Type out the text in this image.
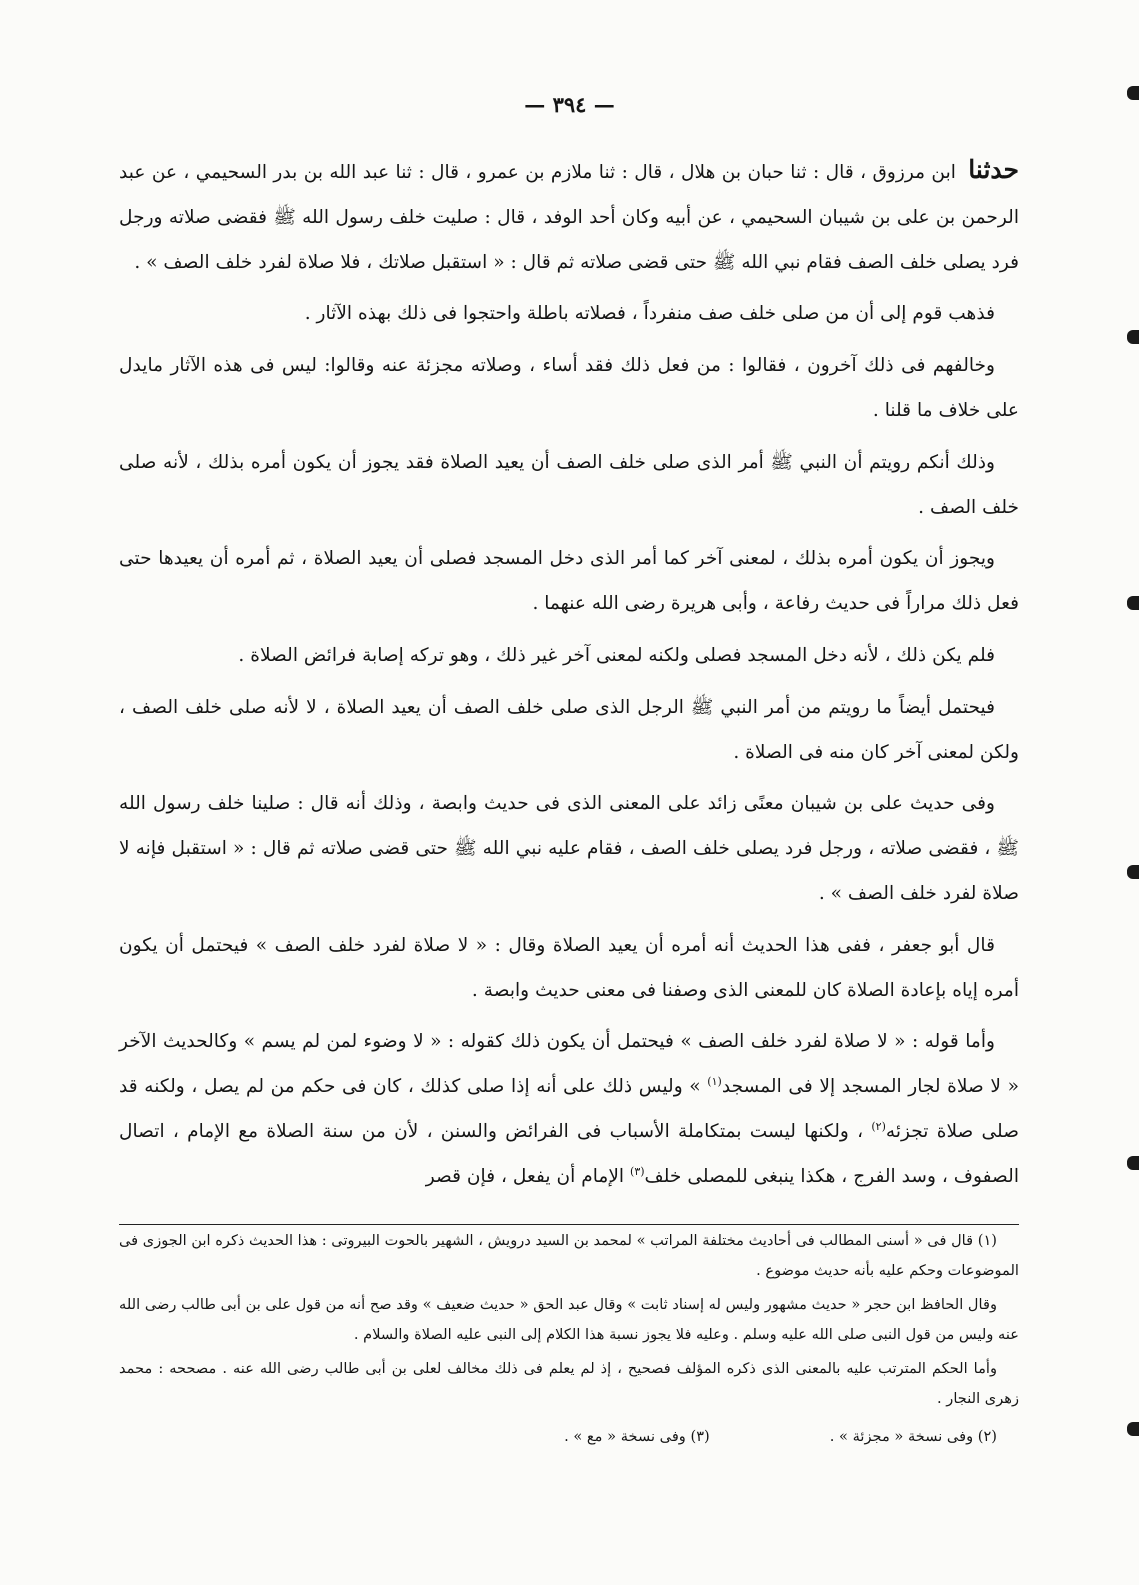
— ٣٩٤ —

حدثنا ابن مرزوق ، قال : ثنا حبان بن هلال ، قال : ثنا ملازم بن عمرو ، قال : ثنا عبد الله بن بدر السحيمي ، عن عبد الرحمن بن على بن شيبان السحيمي ، عن أبيه وكان أحد الوفد ، قال : صليت خلف رسول الله ﷺ فقضى صلاته ورجل فرد يصلى خلف الصف فقام نبي الله ﷺ حتى قضى صلاته ثم قال : « استقبل صلاتك ، فلا صلاة لفرد خلف الصف » .

فذهب قوم إلى أن من صلى خلف صف منفرداً ، فصلاته باطلة واحتجوا فى ذلك بهذه الآثار .

وخالفهم فى ذلك آخرون ، فقالوا : من فعل ذلك فقد أساء ، وصلاته مجزئة عنه وقالوا: ليس فى هذه الآثار مايدل على خلاف ما قلنا .

وذلك أنكم رويتم أن النبي ﷺ أمر الذى صلى خلف الصف أن يعيد الصلاة فقد يجوز أن يكون أمره بذلك ، لأنه صلى خلف الصف .

ويجوز أن يكون أمره بذلك ، لمعنى آخر كما أمر الذى دخل المسجد فصلى أن يعيد الصلاة ، ثم أمره أن يعيدها حتى فعل ذلك مراراً فى حديث رفاعة ، وأبى هريرة رضى الله عنهما .

فلم يكن ذلك ، لأنه دخل المسجد فصلى ولكنه لمعنى آخر غير ذلك ، وهو تركه إصابة فرائض الصلاة .

فيحتمل أيضاً ما رويتم من أمر النبي ﷺ الرجل الذى صلى خلف الصف أن يعيد الصلاة ، لا لأنه صلى خلف الصف ، ولكن لمعنى آخر كان منه فى الصلاة .

وفى حديث على بن شيبان معنًى زائد على المعنى الذى فى حديث وابصة ، وذلك أنه قال : صلينا خلف رسول الله ﷺ ، فقضى صلاته ، ورجل فرد يصلى خلف الصف ، فقام عليه نبي الله ﷺ حتى قضى صلاته ثم قال : « استقبل فإنه لا صلاة لفرد خلف الصف » .

قال أبو جعفر ، ففى هذا الحديث أنه أمره أن يعيد الصلاة وقال : « لا صلاة لفرد خلف الصف » فيحتمل أن يكون أمره إياه بإعادة الصلاة كان للمعنى الذى وصفنا فى معنى حديث وابصة .

وأما قوله : « لا صلاة لفرد خلف الصف » فيحتمل أن يكون ذلك كقوله : « لا وضوء لمن لم يسم » وكالحديث الآخر « لا صلاة لجار المسجد إلا فى المسجد$^{(١)}$ » وليس ذلك على أنه إذا صلى كذلك ، كان فى حكم من لم يصل ، ولكنه قد صلى صلاة تجزئه$^{(٢)}$ ، ولكنها ليست بمتكاملة الأسباب فى الفرائض والسنن ، لأن من سنة الصلاة مع الإمام ، اتصال الصفوف ، وسد الفرج ، هكذا ينبغى للمصلى خلف$^{(٣)}$ الإمام أن يفعل ، فإن قصر

(١) قال فى « أسنى المطالب فى أحاديث مختلفة المراتب » لمحمد بن السيد درويش ، الشهير بالحوت البيروتى : هذا الحديث ذكره ابن الجوزى فى الموضوعات وحكم عليه بأنه حديث موضوع .

وقال الحافظ ابن حجر « حديث مشهور وليس له إسناد ثابت » وقال عبد الحق « حديث ضعيف » وقد صح أنه من قول على بن أبى طالب رضى الله عنه وليس من قول النبى صلى الله عليه وسلم . وعليه فلا يجوز نسبة هذا الكلام إلى النبى عليه الصلاة والسلام .

وأما الحكم المترتب عليه بالمعنى الذى ذكره المؤلف فصحيح ، إذ لم يعلم فى ذلك مخالف لعلى بن أبى طالب رضى الله عنه . مصححه : محمد زهرى النجار .

(٢) وفى نسخة « مجزئة » .
(٣) وفى نسخة « مع » .
